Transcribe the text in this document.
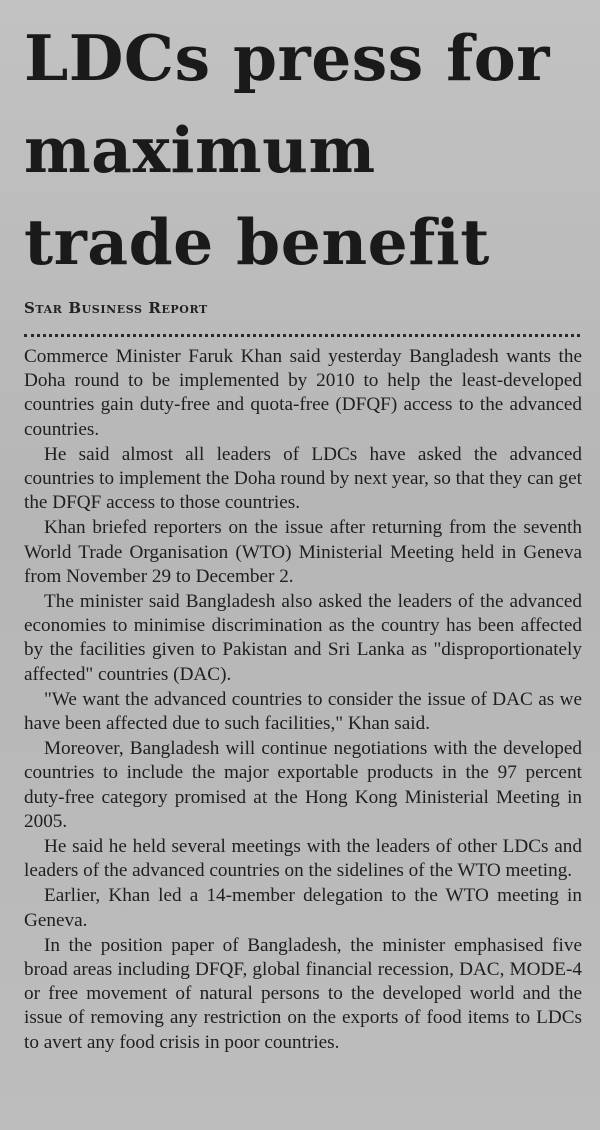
LDCs press for
maximum
trade benefit
Star Business Report

Commerce Minister Faruk Khan said yesterday Bangladesh wants the Doha round to be implemented by 2010 to help the least-developed countries gain duty-free and quota-free (DFQF) access to the advanced countries.

He said almost all leaders of LDCs have asked the advanced countries to implement the Doha round by next year, so that they can get the DFQF access to those countries.

Khan briefed reporters on the issue after returning from the seventh World Trade Organisation (WTO) Ministerial Meeting held in Geneva from November 29 to December 2.

The minister said Bangladesh also asked the leaders of the advanced economies to minimise discrimination as the country has been affected by the facilities given to Pakistan and Sri Lanka as "disproportionately affected" countries (DAC).

"We want the advanced countries to consider the issue of DAC as we have been affected due to such facilities," Khan said.

Moreover, Bangladesh will continue negotiations with the developed countries to include the major exportable products in the 97 percent duty-free category promised at the Hong Kong Ministerial Meeting in 2005.

He said he held several meetings with the leaders of other LDCs and leaders of the advanced countries on the sidelines of the WTO meeting.

Earlier, Khan led a 14-member delegation to the WTO meeting in Geneva.

In the position paper of Bangladesh, the minister emphasised five broad areas including DFQF, global financial recession, DAC, MODE-4 or free movement of natural persons to the developed world and the issue of removing any restriction on the exports of food items to LDCs to avert any food crisis in poor countries.
